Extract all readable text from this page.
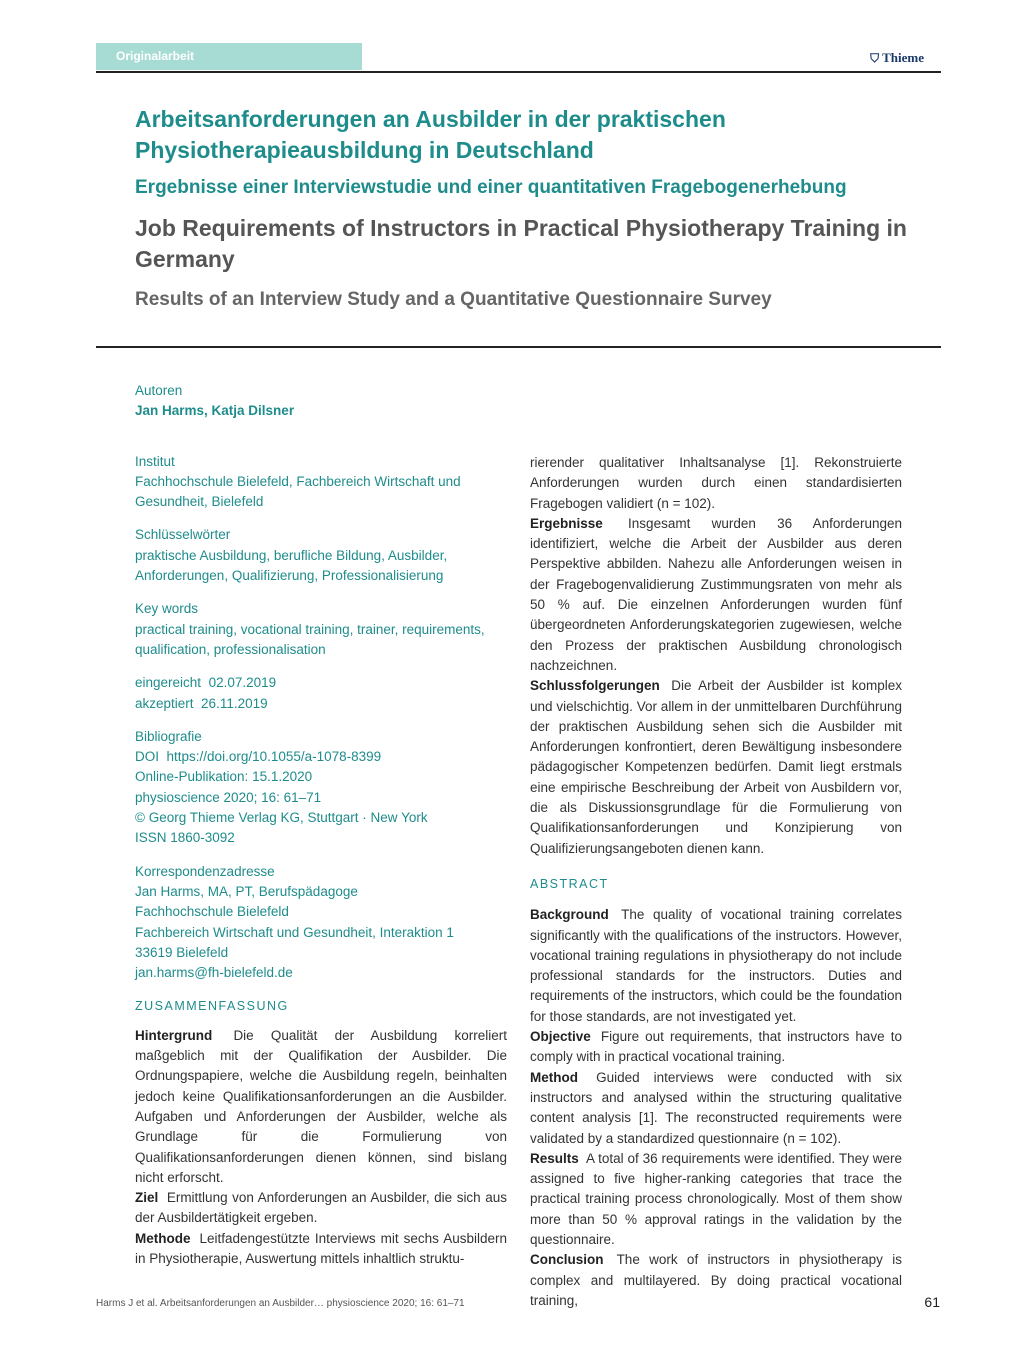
Originalarbeit	⛉ Thieme
Arbeitsanforderungen an Ausbilder in der praktischen Physiotherapieausbildung in Deutschland
Ergebnisse einer Interviewstudie und einer quantitativen Fragebogenerhebung
Job Requirements of Instructors in Practical Physiotherapy Training in Germany
Results of an Interview Study and a Quantitative Questionnaire Survey
Autoren
Jan Harms, Katja Dilsner
Institut
Fachhochschule Bielefeld, Fachbereich Wirtschaft und Gesundheit, Bielefeld
Schlüsselwörter
praktische Ausbildung, berufliche Bildung, Ausbilder, Anforderungen, Qualifizierung, Professionalisierung
Key words
practical training, vocational training, trainer, requirements, qualification, professionalisation
eingereicht 02.07.2019
akzeptiert 26.11.2019
Bibliografie
DOI https://doi.org/10.1055/a-1078-8399
Online-Publikation: 15.1.2020
physioscience 2020; 16: 61–71
© Georg Thieme Verlag KG, Stuttgart · New York
ISSN 1860-3092
Korrespondenzadresse
Jan Harms, MA, PT, Berufspädagoge
Fachhochschule Bielefeld
Fachbereich Wirtschaft und Gesundheit, Interaktion 1
33619 Bielefeld
jan.harms@fh-bielefeld.de
ZUSAMMENFASSUNG

Hintergrund Die Qualität der Ausbildung korreliert maßgeblich mit der Qualifikation der Ausbilder. Die Ordnungspapiere, welche die Ausbildung regeln, beinhalten jedoch keine Qualifikationsanforderungen an die Ausbilder. Aufgaben und Anforderungen der Ausbilder, welche als Grundlage für die Formulierung von Qualifikationsanforderungen dienen können, sind bislang nicht erforscht.

Ziel Ermittlung von Anforderungen an Ausbilder, die sich aus der Ausbildertätigkeit ergeben.

Methode Leitfadengestützte Interviews mit sechs Ausbildern in Physiotherapie, Auswertung mittels inhaltlich struktu-

rierender qualitativer Inhaltsanalyse [1]. Rekonstruierte Anforderungen wurden durch einen standardisierten Fragebogen validiert (n = 102).

Ergebnisse Insgesamt wurden 36 Anforderungen identifiziert, welche die Arbeit der Ausbilder aus deren Perspektive abbilden. Nahezu alle Anforderungen weisen in der Fragebogenvalidierung Zustimmungsraten von mehr als 50 % auf. Die einzelnen Anforderungen wurden fünf übergeordneten Anforderungskategorien zugewiesen, welche den Prozess der praktischen Ausbildung chronologisch nachzeichnen.

Schlussfolgerungen Die Arbeit der Ausbilder ist komplex und vielschichtig. Vor allem in der unmittelbaren Durchführung der praktischen Ausbildung sehen sich die Ausbilder mit Anforderungen konfrontiert, deren Bewältigung insbesondere pädagogischer Kompetenzen bedürfen. Damit liegt erstmals eine empirische Beschreibung der Arbeit von Ausbildern vor, die als Diskussionsgrundlage für die Formulierung von Qualifikationsanforderungen und Konzipierung von Qualifizierungsangeboten dienen kann.

ABSTRACT

Background The quality of vocational training correlates significantly with the qualifications of the instructors. However, vocational training regulations in physiotherapy do not include professional standards for the instructors. Duties and requirements of the instructors, which could be the foundation for those standards, are not investigated yet.

Objective Figure out requirements, that instructors have to comply with in practical vocational training.

Method Guided interviews were conducted with six instructors and analysed within the structuring qualitative content analysis [1]. The reconstructed requirements were validated by a standardized questionnaire (n = 102).

Results A total of 36 requirements were identified. They were assigned to five higher-ranking categories that trace the practical training process chronologically. Most of them show more than 50 % approval ratings in the validation by the questionnaire.

Conclusion The work of instructors in physiotherapy is complex and multilayered. By doing practical vocational training,

Harms J et al. Arbeitsanforderungen an Ausbilder… physioscience 2020; 16: 61–71	61
